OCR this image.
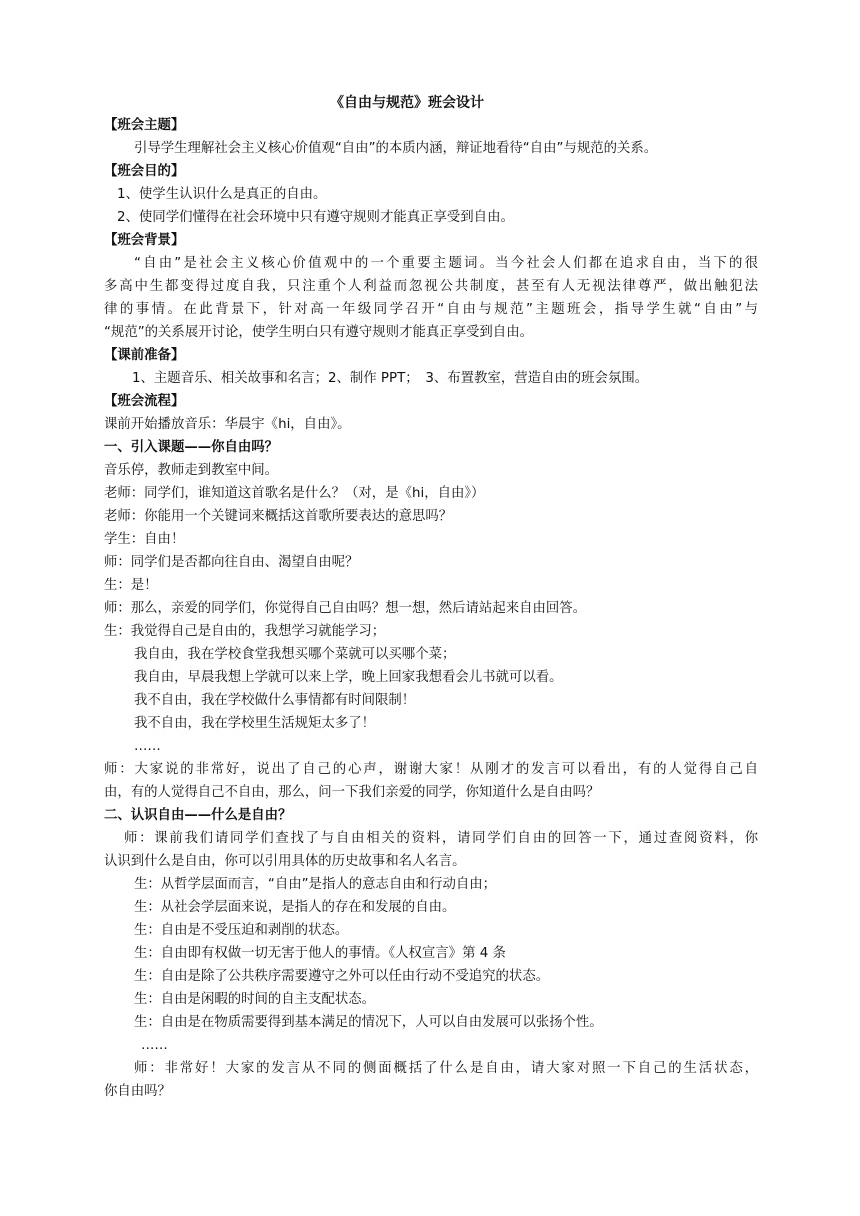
《自由与规范》班会设计
【班会主题】
引导学生理解社会主义核心价值观“自由”的本质内涵，辩证地看待“自由”与规范的关系。
【班会目的】
1、使学生认识什么是真正的自由。
2、使同学们懂得在社会环境中只有遵守规则才能真正享受到自由。
【班会背景】
“自由”是社会主义核心价值观中的一个重要主题词。当今社会人们都在追求自由，当下的很
多高中生都变得过度自我，只注重个人利益而忽视公共制度，甚至有人无视法律尊严，做出触犯法
律的事情。在此背景下，针对高一年级同学召开“自由与规范”主题班会，指导学生就“自由”与
“规范”的关系展开讨论，使学生明白只有遵守规则才能真正享受到自由。
【课前准备】
1、主题音乐、相关故事和名言；2、制作 PPT；　3、布置教室，营造自由的班会氛围。
【班会流程】
课前开始播放音乐：华晨宇《hi，自由》。
一、引入课题——你自由吗？
音乐停，教师走到教室中间。
老师：同学们，谁知道这首歌名是什么？（对，是《hi，自由》）
老师：你能用一个关键词来概括这首歌所要表达的意思吗？
学生：自由！
师：同学们是否都向往自由、渴望自由呢？
生：是！
师：那么，亲爱的同学们，你觉得自己自由吗？想一想，然后请站起来自由回答。
生：我觉得自己是自由的，我想学习就能学习；
我自由，我在学校食堂我想买哪个菜就可以买哪个菜；
我自由，早晨我想上学就可以来上学，晚上回家我想看会儿书就可以看。
我不自由，我在学校做什么事情都有时间限制！
我不自由，我在学校里生活规矩太多了！
……
师：大家说的非常好，说出了自己的心声，谢谢大家！从刚才的发言可以看出，有的人觉得自己自
由，有的人觉得自己不自由，那么，问一下我们亲爱的同学，你知道什么是自由吗？
二、认识自由——什么是自由？
师：课前我们请同学们查找了与自由相关的资料，请同学们自由的回答一下，通过查阅资料，你
认识到什么是自由，你可以引用具体的历史故事和名人名言。
生：从哲学层面而言，“自由”是指人的意志自由和行动自由；
生：从社会学层面来说，是指人的存在和发展的自由。
生：自由是不受压迫和剥削的状态。
生：自由即有权做一切无害于他人的事情。《人权宣言》第 4 条
生：自由是除了公共秩序需要遵守之外可以任由行动不受追究的状态。
生：自由是闲暇的时间的自主支配状态。
生：自由是在物质需要得到基本满足的情况下，人可以自由发展可以张扬个性。
……
师：非常好！大家的发言从不同的侧面概括了什么是自由，请大家对照一下自己的生活状态，
你自由吗？
